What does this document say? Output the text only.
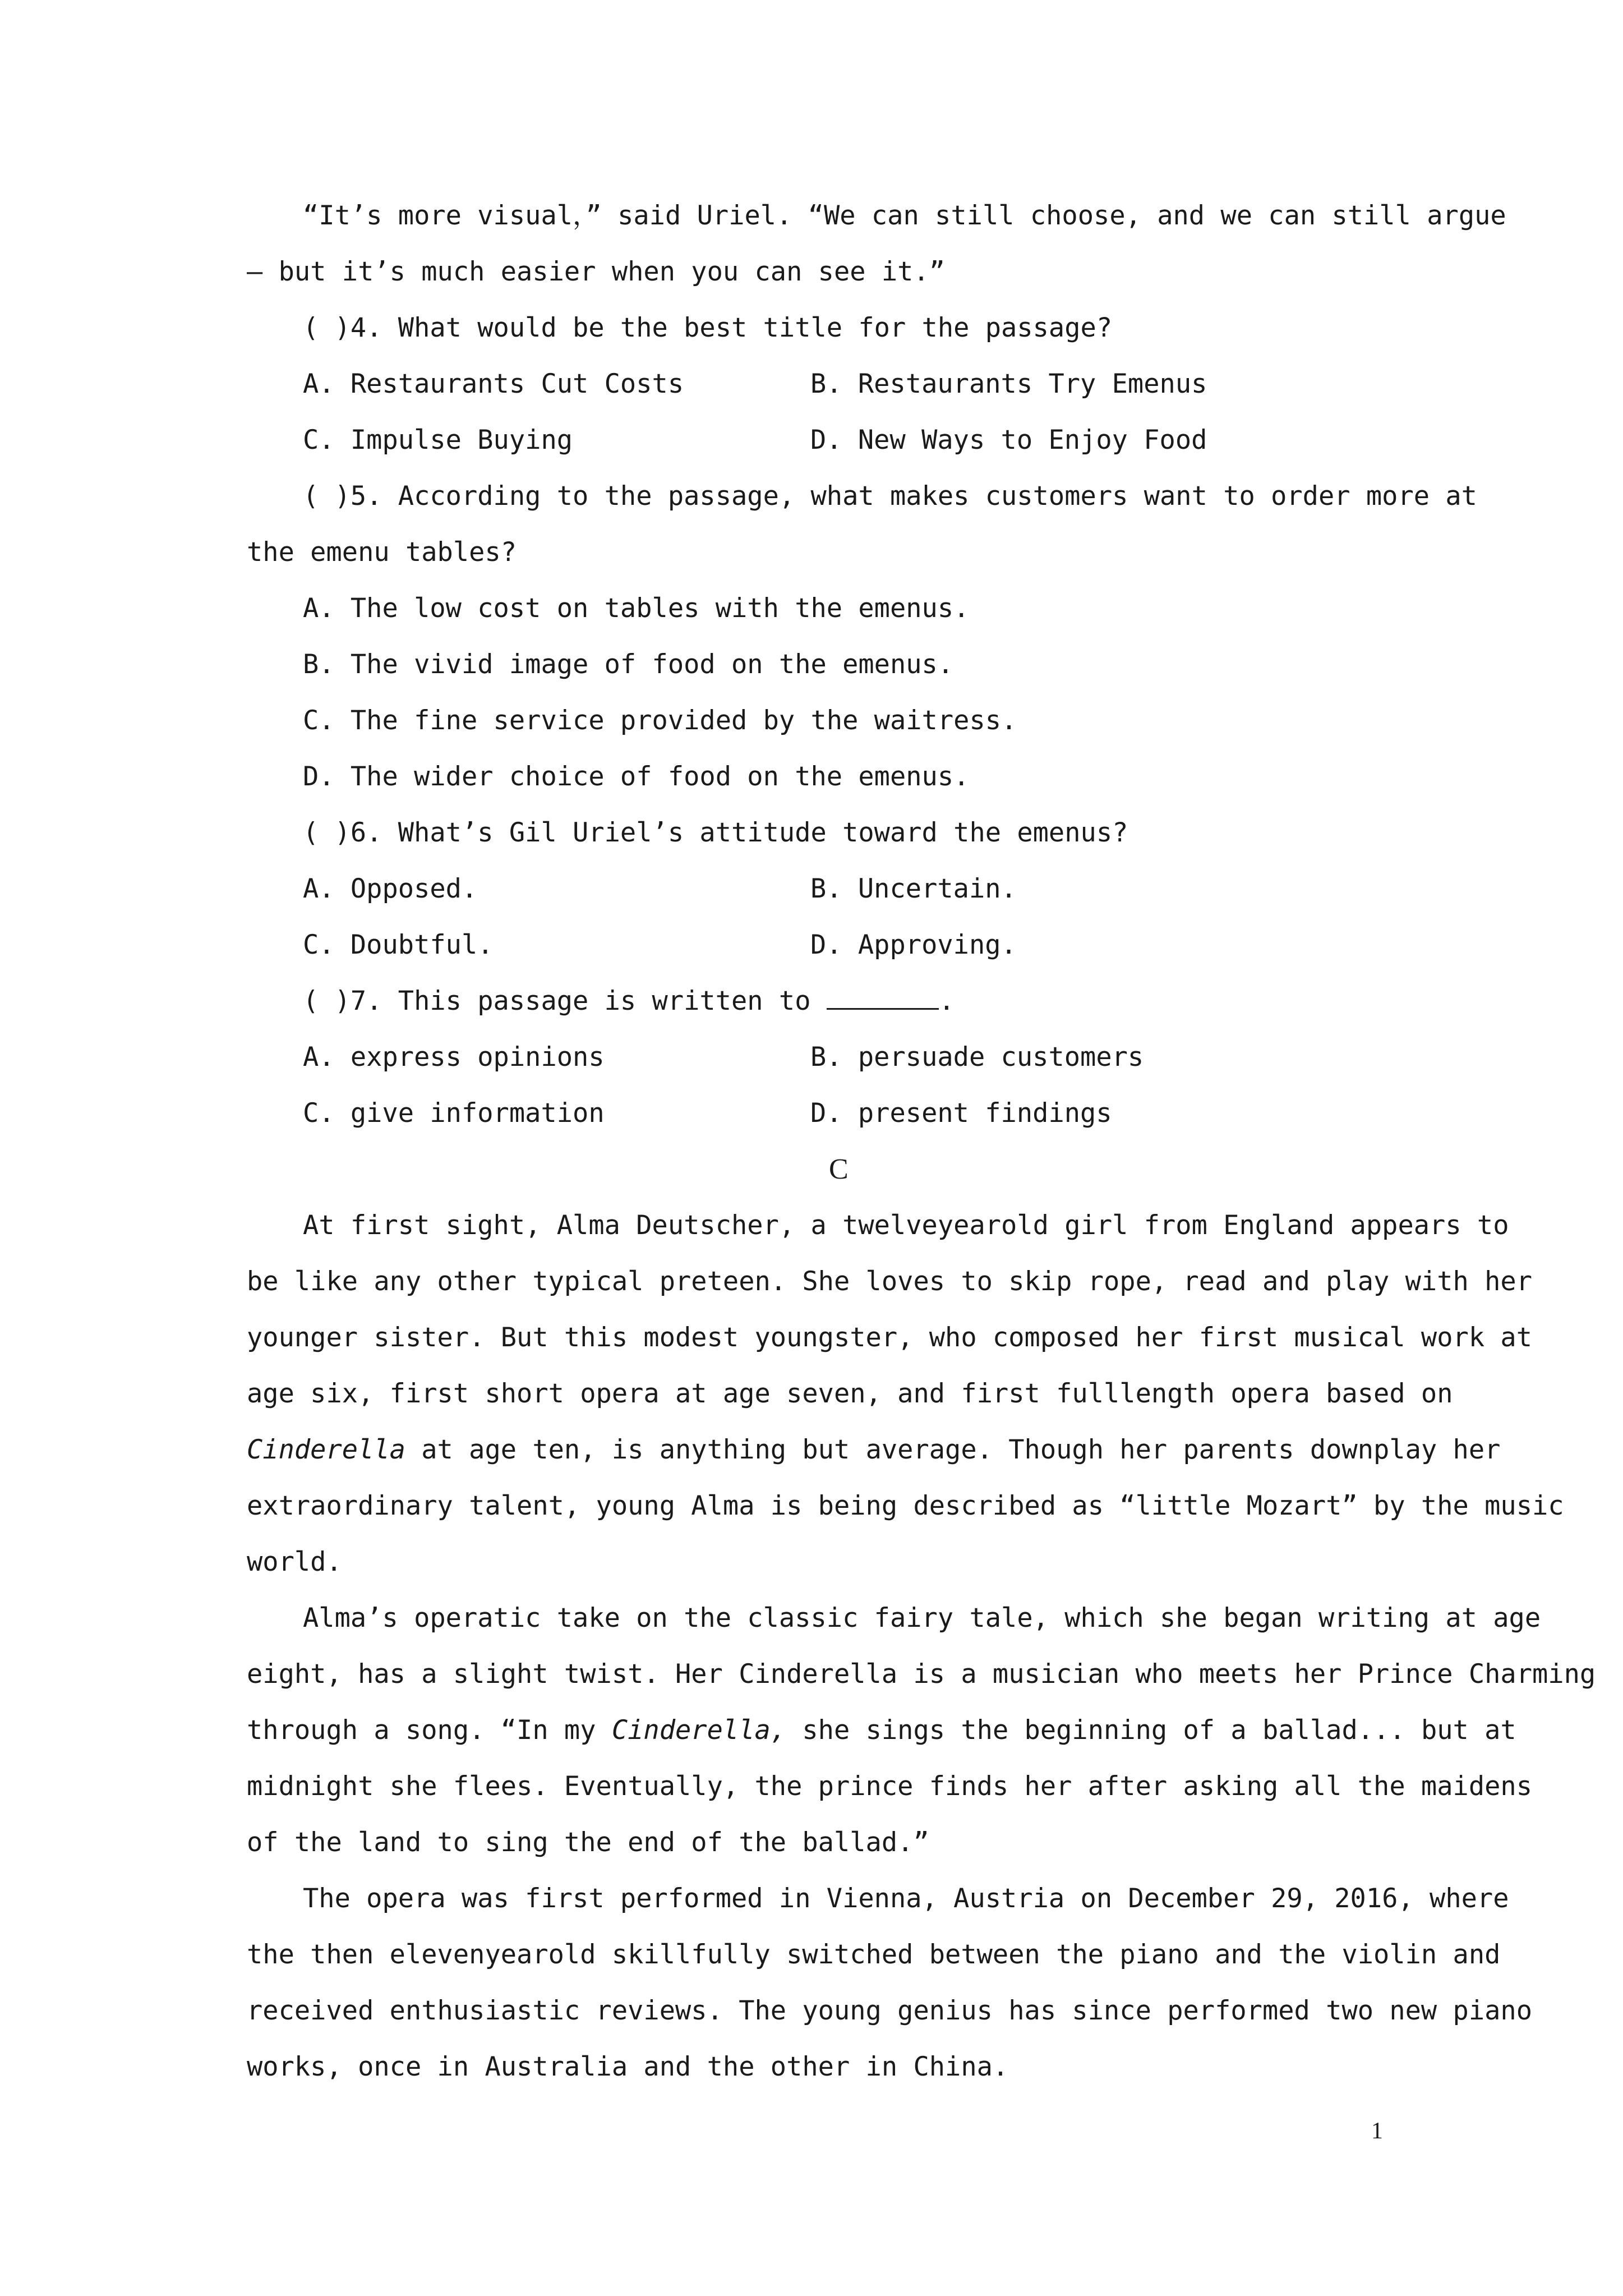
“It’s more visual，” said Uriel. “We can still choose, and we can still argue
— but it’s much easier when you can see it.”
( )4. What would be the best title for the passage?
A. Restaurants Cut Costs	B. Restaurants Try Emenus
C. Impulse Buying	D. New Ways to Enjoy Food
( )5. According to the passage, what makes customers want to order more at
the emenu tables?
A. The low cost on tables with the emenus.
B. The vivid image of food on the emenus.
C. The fine service provided by the waitress.
D. The wider choice of food on the emenus.
( )6. What’s Gil Uriel’s attitude toward the emenus?
A. Opposed.	B. Uncertain.
C. Doubtful.	D. Approving.
( )7. This passage is written to	.
A. express opinions	B. persuade customers
C. give information	D. present findings
C
At first sight, Alma Deutscher, a twelveyearold girl from England appears to
be like any other typical preteen. She loves to skip rope, read and play with her
younger sister. But this modest youngster, who composed her first musical work at
age six, first short opera at age seven, and first fulllength opera based on
Cinderella at age ten, is anything but average. Though her parents downplay her
extraordinary talent, young Alma is being described as “little Mozart” by the music
world.
Alma’s operatic take on the classic fairy tale, which she began writing at age
eight, has a slight twist. Her Cinderella is a musician who meets her Prince Charming
through a song. “In my Cinderella, she sings the beginning of a ballad... but at
midnight she flees. Eventually, the prince finds her after asking all the maidens
of the land to sing the end of the ballad.”
The opera was first performed in Vienna, Austria on December 29, 2016, where
the then elevenyearold skillfully switched between the piano and the violin and
received enthusiastic reviews. The young genius has since performed two new piano
works, once in Australia and the other in China.
1
